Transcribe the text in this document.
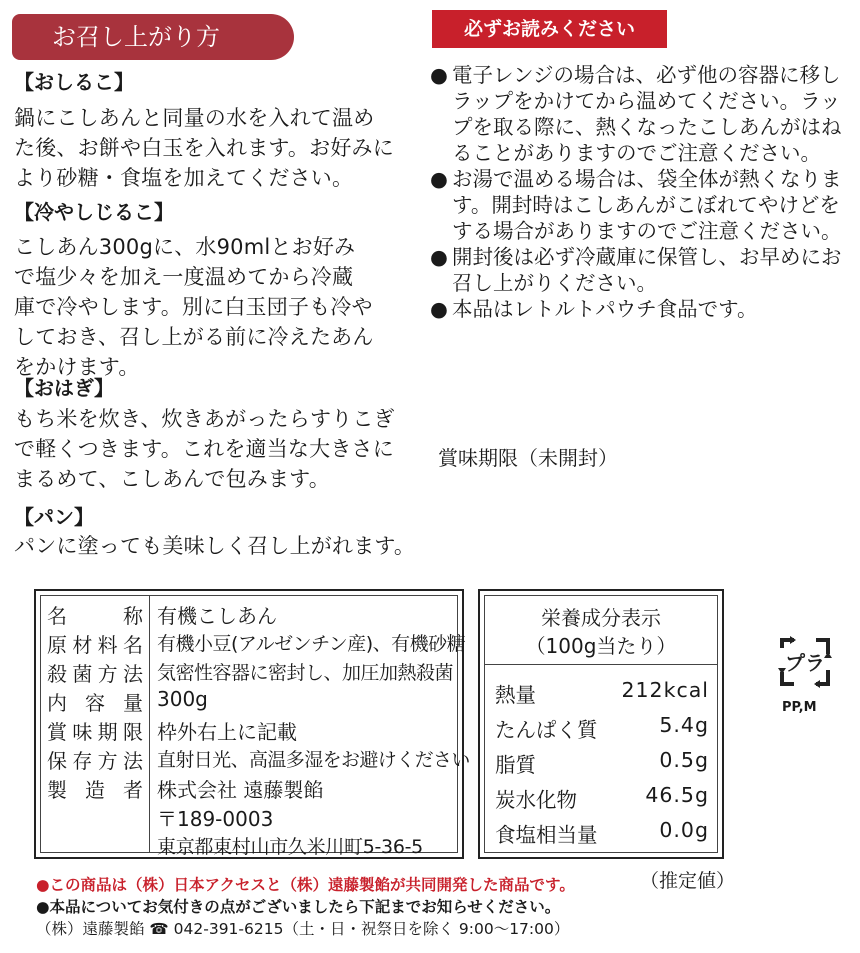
お召し上がり方
【おしるこ】
鍋にこしあんと同量の水を入れて温め
た後、お餅や白玉を入れます。お好みに
より砂糖・食塩を加えてください。
【冷やしじるこ】
こしあん300gに、水90mlとお好み
で塩少々を加え一度温めてから冷蔵
庫で冷やします。別に白玉団子も冷や
しておき、召し上がる前に冷えたあん
をかけます。
【おはぎ】
もち米を炊き、炊きあがったらすりこぎ
で軽くつきます。これを適当な大きさに
まるめて、こしあんで包みます。
【パン】
パンに塗っても美味しく召し上がれます。
必ずお読みください
● 電子レンジの場合は、必ず他の容器に移し
ラップをかけてから温めてください。ラッ
プを取る際に、熱くなったこしあんがはね
ることがありますのでご注意ください。
● お湯で温める場合は、袋全体が熱くなりま
す。開封時はこしあんがこぼれてやけどを
する場合がありますのでご注意ください。
● 開封後は必ず冷蔵庫に保管し、お早めにお
召し上がりください。
● 本品はレトルトパウチ食品です。
賞味期限（未開封）
名称 有機こしあん
原材料名 有機小豆(アルゼンチン産)、有機砂糖
殺菌方法 気密性容器に密封し、加圧加熱殺菌
内容量 300g
賞味期限 枠外右上に記載
保存方法 直射日光、高温多湿をお避けください
製造者 株式会社 遠藤製餡
〒189-0003
東京都東村山市久米川町5-36-5
栄養成分表示
（100g当たり）
熱量	212kcal
たんぱく質	5.4g
脂質	0.5g
炭水化物	46.5g
食塩相当量	0.0g
（推定値）
プラ
PP,M
●この商品は（株）日本アクセスと（株）遠藤製餡が共同開発した商品です。
●本品についてお気付きの点がございましたら下記までお知らせください。
（株）遠藤製餡 ☎ 042-391-6215（土・日・祝祭日を除く 9:00～17:00）
